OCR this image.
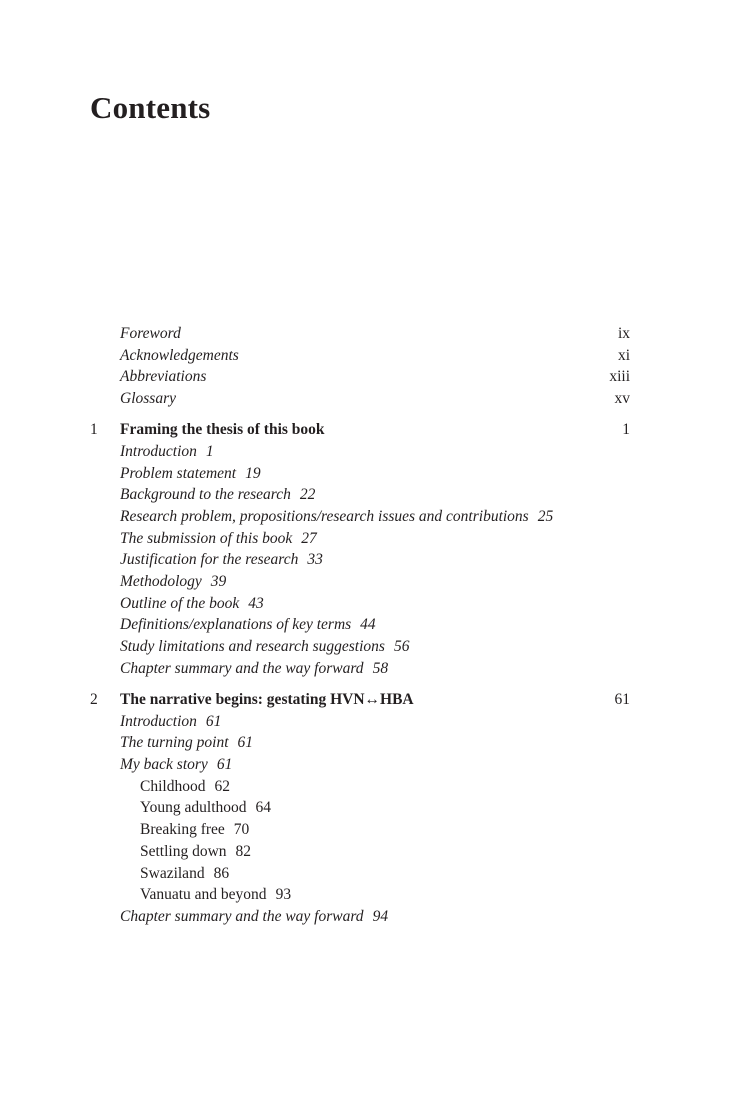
Contents
Foreword	ix
Acknowledgements	xi
Abbreviations	xiii
Glossary	xv
1 Framing the thesis of this book	1
Introduction 1
Problem statement 19
Background to the research 22
Research problem, propositions/research issues and contributions 25
The submission of this book 27
Justification for the research 33
Methodology 39
Outline of the book 43
Definitions/explanations of key terms 44
Study limitations and research suggestions 56
Chapter summary and the way forward 58
2 The narrative begins: gestating HVN↔HBA	61
Introduction 61
The turning point 61
My back story 61
Childhood 62
Young adulthood 64
Breaking free 70
Settling down 82
Swaziland 86
Vanuatu and beyond 93
Chapter summary and the way forward 94
